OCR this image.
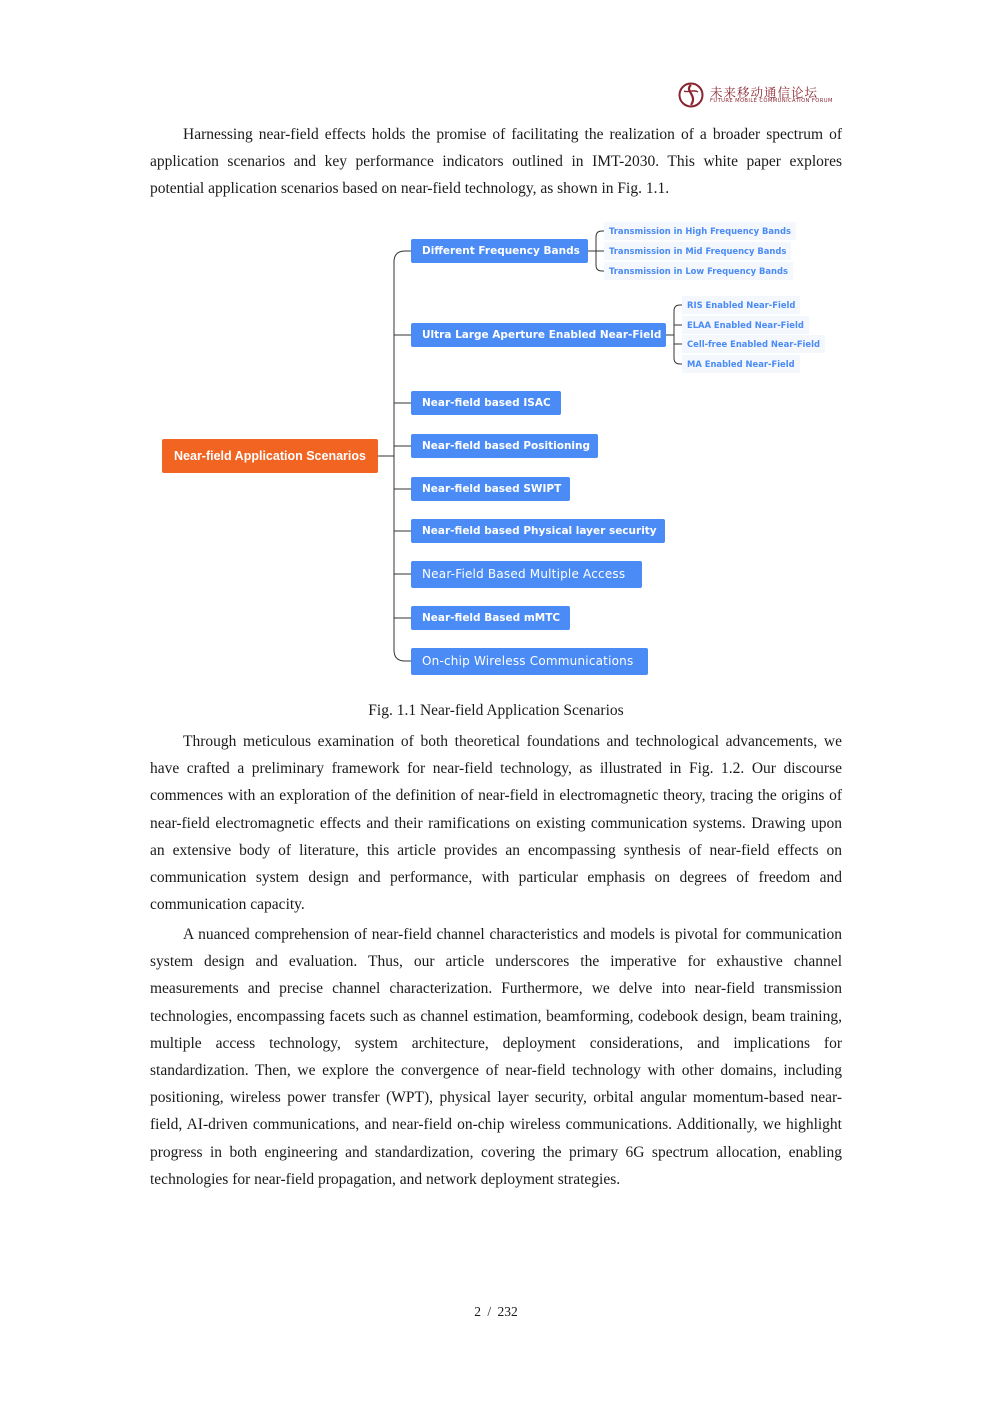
未来移动通信论坛
FUTURE MOBILE COMMUNICATION FORUM

Harnessing near-field effects holds the promise of facilitating the realization of a broader spectrum of application scenarios and key performance indicators outlined in IMT-2030. This white paper explores potential application scenarios based on near-field technology, as shown in Fig. 1.1.

Near-field Application Scenarios
Different Frequency Bands
Ultra Large Aperture Enabled Near-Field
Near-field based ISAC
Near-field based Positioning
Near-field based SWIPT
Near-field based Physical layer security
Near-Field Based Multiple Access
Near-field Based mMTC
On-chip Wireless Communications
Transmission in High Frequency Bands
Transmission in Mid Frequency Bands
Transmission in Low Frequency Bands
RIS Enabled Near-Field
ELAA Enabled Near-Field
Cell-free Enabled Near-Field
MA Enabled Near-Field
Fig. 1.1 Near-field Application Scenarios

Through meticulous examination of both theoretical foundations and technological advancements, we have crafted a preliminary framework for near-field technology, as illustrated in Fig. 1.2. Our discourse commences with an exploration of the definition of near-field in electromagnetic theory, tracing the origins of near-field electromagnetic effects and their ramifications on existing communication systems. Drawing upon an extensive body of literature, this article provides an encompassing synthesis of near-field effects on communication system design and performance, with particular emphasis on degrees of freedom and communication capacity.

A nuanced comprehension of near-field channel characteristics and models is pivotal for communication system design and evaluation. Thus, our article underscores the imperative for exhaustive channel measurements and precise channel characterization. Furthermore, we delve into near-field transmission technologies, encompassing facets such as channel estimation, beamforming, codebook design, beam training, multiple access technology, system architecture, deployment considerations, and implications for standardization. Then, we explore the convergence of near-field technology with other domains, including positioning, wireless power transfer (WPT), physical layer security, orbital angular momentum-based near-field, AI-driven communications, and near-field on-chip wireless communications. Additionally, we highlight progress in both engineering and standardization, covering the primary 6G spectrum allocation, enabling technologies for near-field propagation, and network deployment strategies.

2 / 232
